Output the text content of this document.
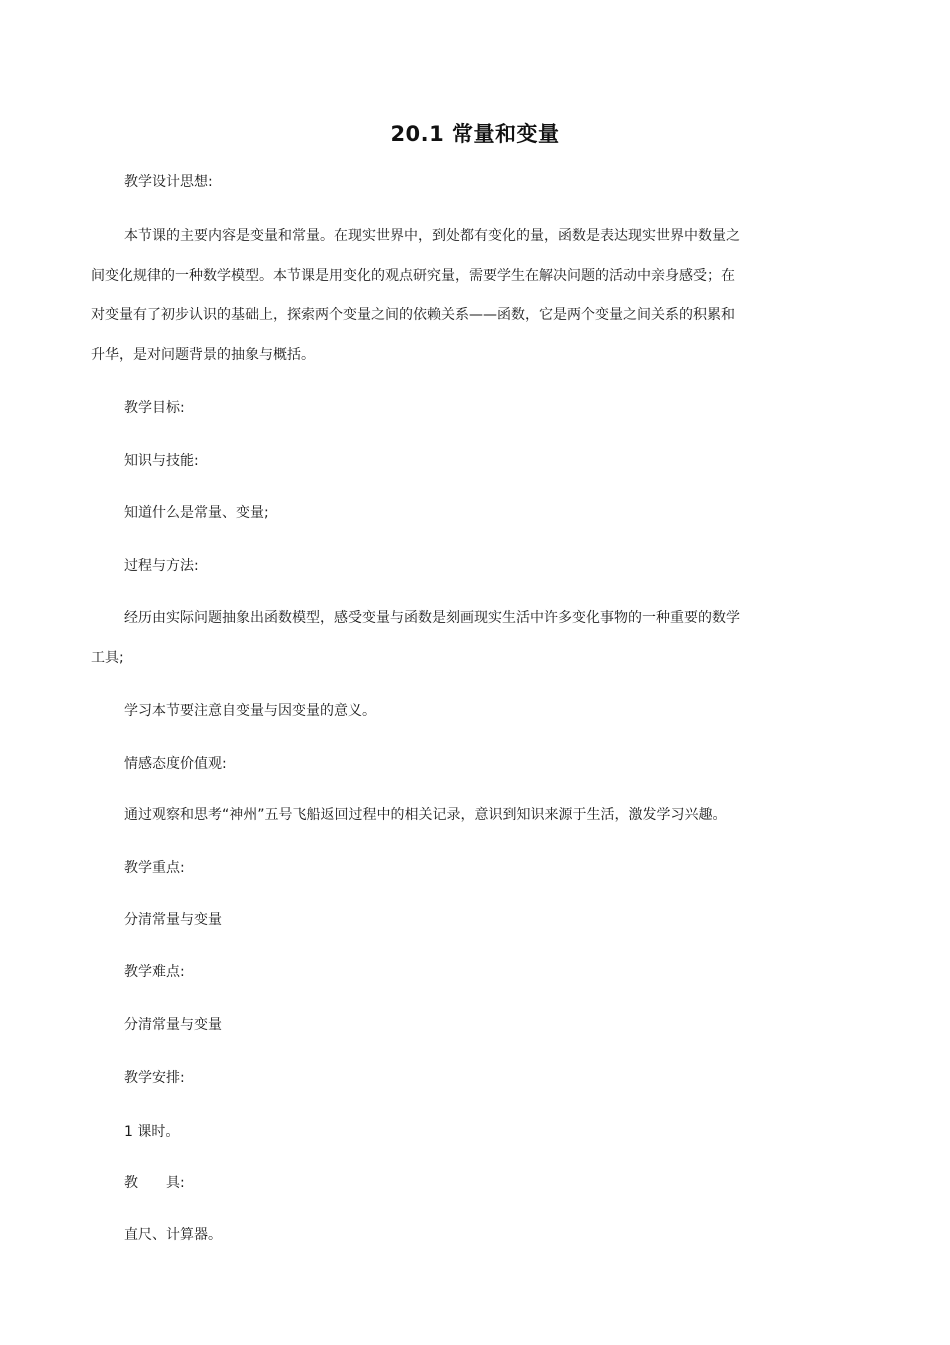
20.1 常量和变量
教学设计思想:
本节课的主要内容是变量和常量。在现实世界中，到处都有变化的量，函数是表达现实世界中数量之
间变化规律的一种数学模型。本节课是用变化的观点研究量，需要学生在解决问题的活动中亲身感受；在
对变量有了初步认识的基础上，探索两个变量之间的依赖关系——函数，它是两个变量之间关系的积累和
升华，是对问题背景的抽象与概括。
教学目标:
知识与技能:
知道什么是常量、变量;
过程与方法:
经历由实际问题抽象出函数模型，感受变量与函数是刻画现实生活中许多变化事物的一种重要的数学
工具;
学习本节要注意自变量与因变量的意义。
情感态度价值观:
通过观察和思考“神州”五号飞船返回过程中的相关记录，意识到知识来源于生活，激发学习兴趣。
教学重点:
分清常量与变量
教学难点:
分清常量与变量
教学安排:
1 课时。
教 具:
直尺、计算器。
